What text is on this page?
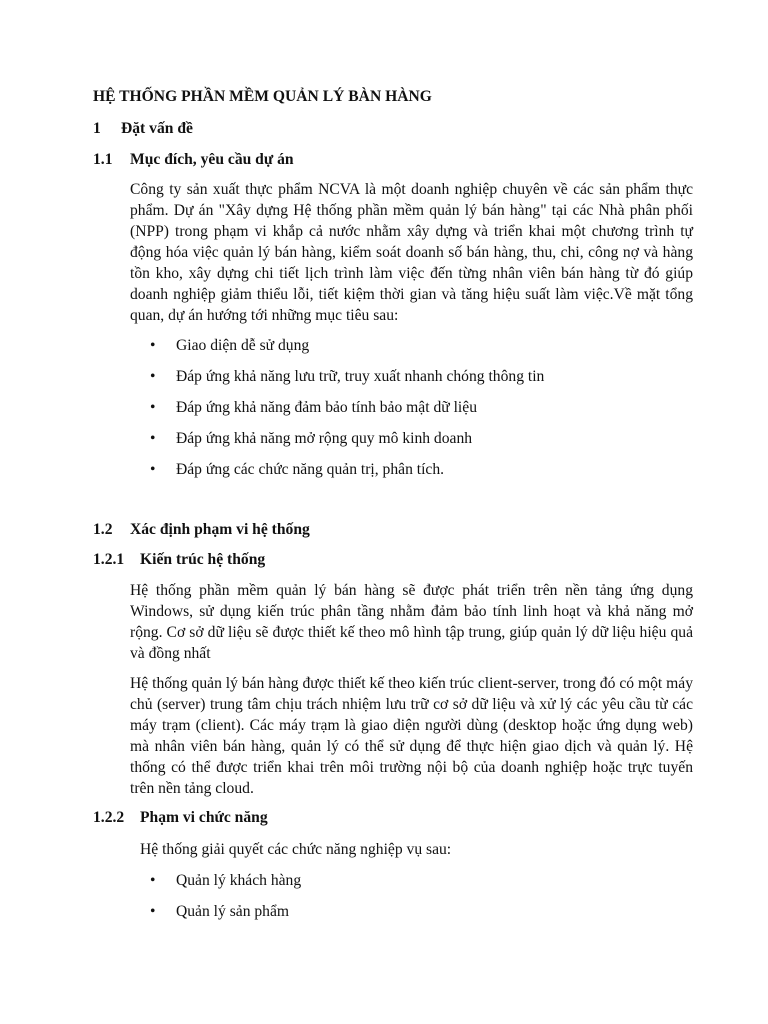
HỆ THỐNG PHẦN MỀM QUẢN LÝ BÀN HÀNG
1 Đặt vấn đề
1.1 Mục đích, yêu cầu dự án

Công ty sản xuất thực phẩm NCVA là một doanh nghiệp chuyên về các sản phẩm thực phẩm. Dự án "Xây dựng Hệ thống phần mềm quản lý bán hàng" tại các Nhà phân phối (NPP) trong phạm vi khắp cả nước nhằm xây dựng và triển khai một chương trình tự động hóa việc quản lý bán hàng, kiểm soát doanh số bán hàng, thu, chi, công nợ và hàng tồn kho, xây dựng chi tiết lịch trình làm việc đến từng nhân viên bán hàng từ đó giúp doanh nghiệp giảm thiểu lỗi, tiết kiệm thời gian và tăng hiệu suất làm việc.Về mặt tổng quan, dự án hướng tới những mục tiêu sau:

• Giao diện dễ sử dụng
• Đáp ứng khả năng lưu trữ, truy xuất nhanh chóng thông tin
• Đáp ứng khả năng đảm bảo tính bảo mật dữ liệu
• Đáp ứng khả năng mở rộng quy mô kinh doanh
• Đáp ứng các chức năng quản trị, phân tích.
1.2 Xác định phạm vi hệ thống
1.2.1 Kiến trúc hệ thống

Hệ thống phần mềm quản lý bán hàng sẽ được phát triển trên nền tảng ứng dụng Windows, sử dụng kiến trúc phân tầng nhằm đảm bảo tính linh hoạt và khả năng mở rộng. Cơ sở dữ liệu sẽ được thiết kế theo mô hình tập trung, giúp quản lý dữ liệu hiệu quả và đồng nhất

Hệ thống quản lý bán hàng được thiết kế theo kiến trúc client-server, trong đó có một máy chủ (server) trung tâm chịu trách nhiệm lưu trữ cơ sở dữ liệu và xử lý các yêu cầu từ các máy trạm (client). Các máy trạm là giao diện người dùng (desktop hoặc ứng dụng web) mà nhân viên bán hàng, quản lý có thể sử dụng để thực hiện giao dịch và quản lý. Hệ thống có thể được triển khai trên môi trường nội bộ của doanh nghiệp hoặc trực tuyến trên nền tảng cloud.

1.2.2 Phạm vi chức năng

Hệ thống giải quyết các chức năng nghiệp vụ sau:

• Quản lý khách hàng
• Quản lý sản phẩm
